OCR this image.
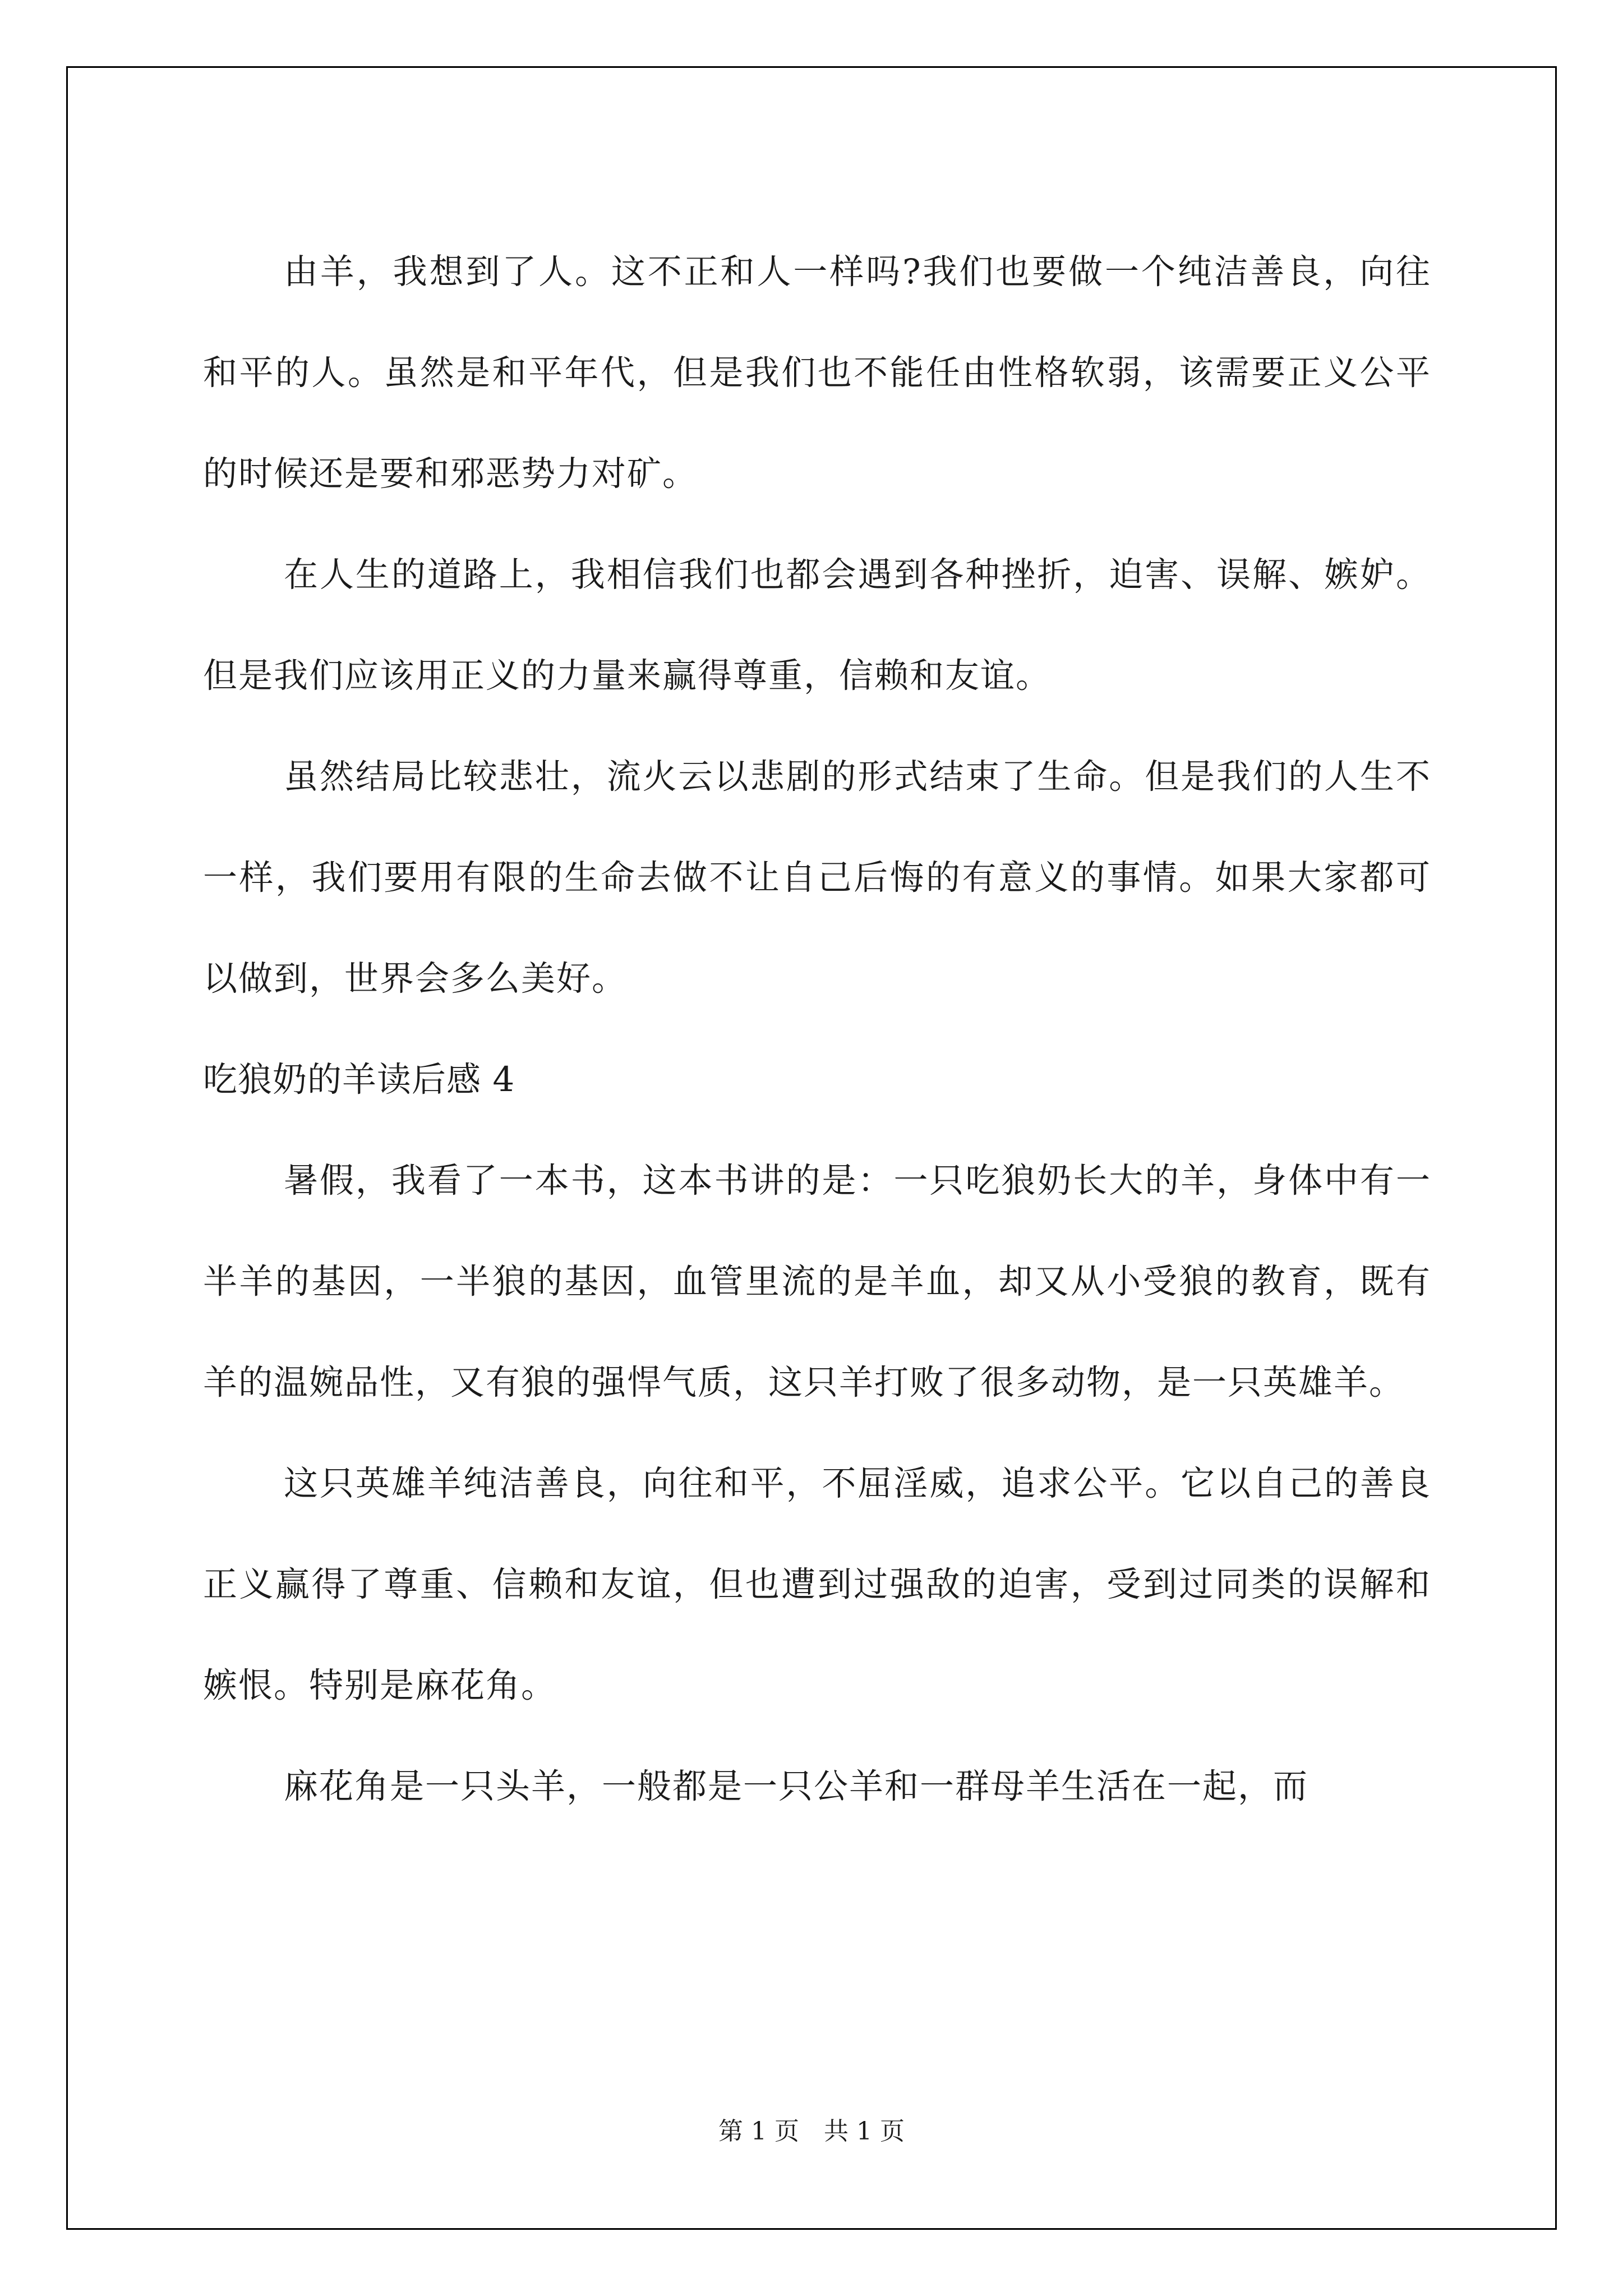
由羊，我想到了人。这不正和人一样吗?我们也要做一个纯洁善良，向往和平的人。虽然是和平年代，但是我们也不能任由性格软弱，该需要正义公平的时候还是要和邪恶势力对矿。

在人生的道路上，我相信我们也都会遇到各种挫折，迫害、误解、嫉妒。但是我们应该用正义的力量来赢得尊重，信赖和友谊。

虽然结局比较悲壮，流火云以悲剧的形式结束了生命。但是我们的人生不一样，我们要用有限的生命去做不让自己后悔的有意义的事情。如果大家都可以做到，世界会多么美好。

吃狼奶的羊读后感 4

暑假，我看了一本书，这本书讲的是：一只吃狼奶长大的羊，身体中有一半羊的基因，一半狼的基因，血管里流的是羊血，却又从小受狼的教育，既有羊的温婉品性，又有狼的强悍气质，这只羊打败了很多动物，是一只英雄羊。

这只英雄羊纯洁善良，向往和平，不屈淫威，追求公平。它以自己的善良正义赢得了尊重、信赖和友谊，但也遭到过强敌的迫害，受到过同类的误解和嫉恨。特别是麻花角。

麻花角是一只头羊，一般都是一只公羊和一群母羊生活在一起，而

第 1 页　共 1 页
